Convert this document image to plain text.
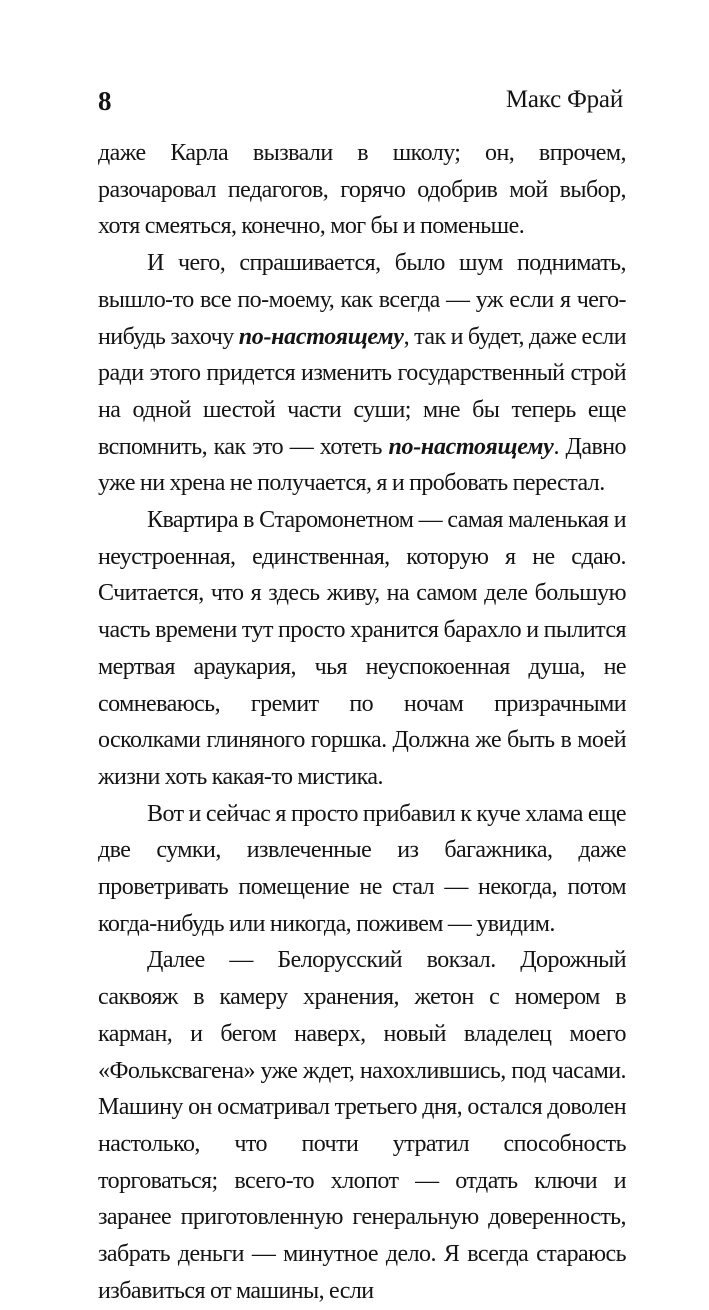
8	Макс Фрай

даже Карла вызвали в школу; он, впрочем, разочаровал педагогов, горячо одобрив мой выбор, хотя смеяться, конечно, мог бы и поменьше.

И чего, спрашивается, было шум поднимать, вышло-то все по-моему, как всегда — уж если я чего-нибудь захочу по-настоящему, так и будет, даже если ради этого придется изменить государственный строй на одной шестой части суши; мне бы теперь еще вспомнить, как это — хотеть по-настоящему. Давно уже ни хрена не получается, я и пробовать перестал.

Квартира в Старомонетном — самая маленькая и неустроенная, единственная, которую я не сдаю. Считается, что я здесь живу, на самом деле большую часть времени тут просто хранится барахло и пылится мертвая араукария, чья неуспокоенная душа, не сомневаюсь, гремит по ночам призрачными осколками глиняного горшка. Должна же быть в моей жизни хоть какая-то мистика.

Вот и сейчас я просто прибавил к куче хлама еще две сумки, извлеченные из багажника, даже проветривать помещение не стал — некогда, потом когда-нибудь или никогда, поживем — увидим.

Далее — Белорусский вокзал. Дорожный саквояж в камеру хранения, жетон с номером в карман, и бегом наверх, новый владелец моего «Фольксвагена» уже ждет, нахохлившись, под часами. Машину он осматривал третьего дня, остался доволен настолько, что почти утратил способность торговаться; всего-то хлопот — отдать ключи и заранее приготовленную генеральную доверенность, забрать деньги — минутное дело. Я всегда стараюсь избавиться от машины, если
